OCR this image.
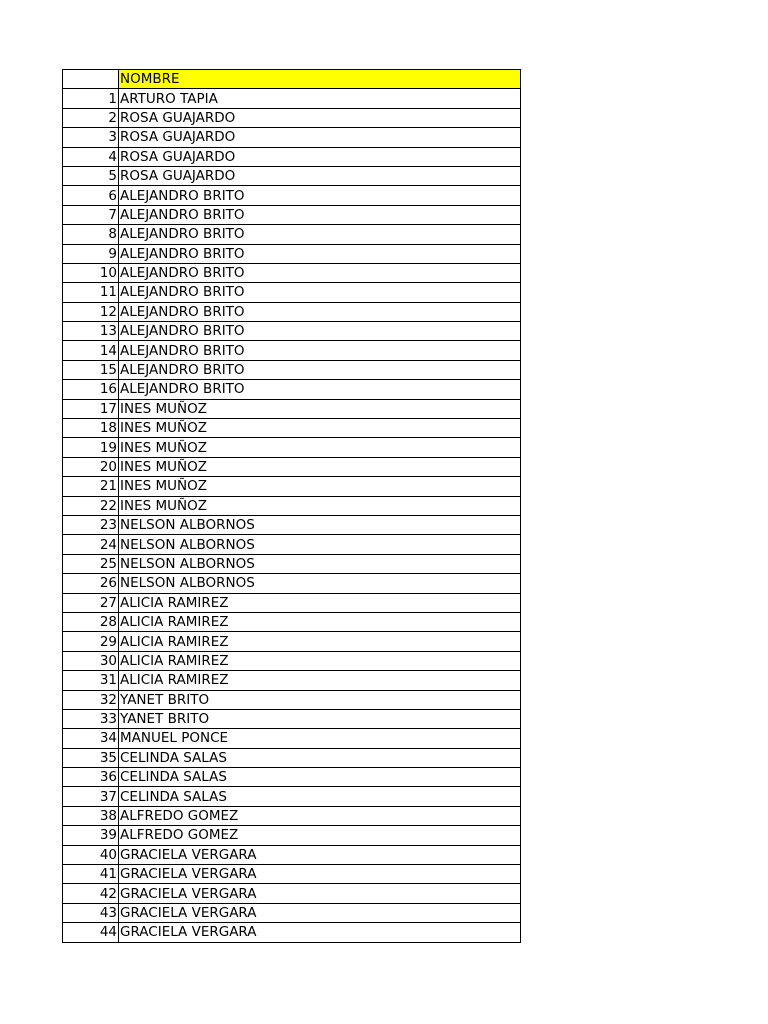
	NOMBRE
1	ARTURO TAPIA
2	ROSA GUAJARDO
3	ROSA GUAJARDO
4	ROSA GUAJARDO
5	ROSA GUAJARDO
6	ALEJANDRO BRITO
7	ALEJANDRO BRITO
8	ALEJANDRO BRITO
9	ALEJANDRO BRITO
10	ALEJANDRO BRITO
11	ALEJANDRO BRITO
12	ALEJANDRO BRITO
13	ALEJANDRO BRITO
14	ALEJANDRO BRITO
15	ALEJANDRO BRITO
16	ALEJANDRO BRITO
17	INES MUÑOZ
18	INES MUÑOZ
19	INES MUÑOZ
20	INES MUÑOZ
21	INES MUÑOZ
22	INES MUÑOZ
23	NELSON ALBORNOS
24	NELSON ALBORNOS
25	NELSON ALBORNOS
26	NELSON ALBORNOS
27	ALICIA RAMIREZ
28	ALICIA RAMIREZ
29	ALICIA RAMIREZ
30	ALICIA RAMIREZ
31	ALICIA RAMIREZ
32	YANET BRITO
33	YANET BRITO
34	MANUEL PONCE
35	CELINDA SALAS
36	CELINDA SALAS
37	CELINDA SALAS
38	ALFREDO GOMEZ
39	ALFREDO GOMEZ
40	GRACIELA VERGARA
41	GRACIELA VERGARA
42	GRACIELA VERGARA
43	GRACIELA VERGARA
44	GRACIELA VERGARA
